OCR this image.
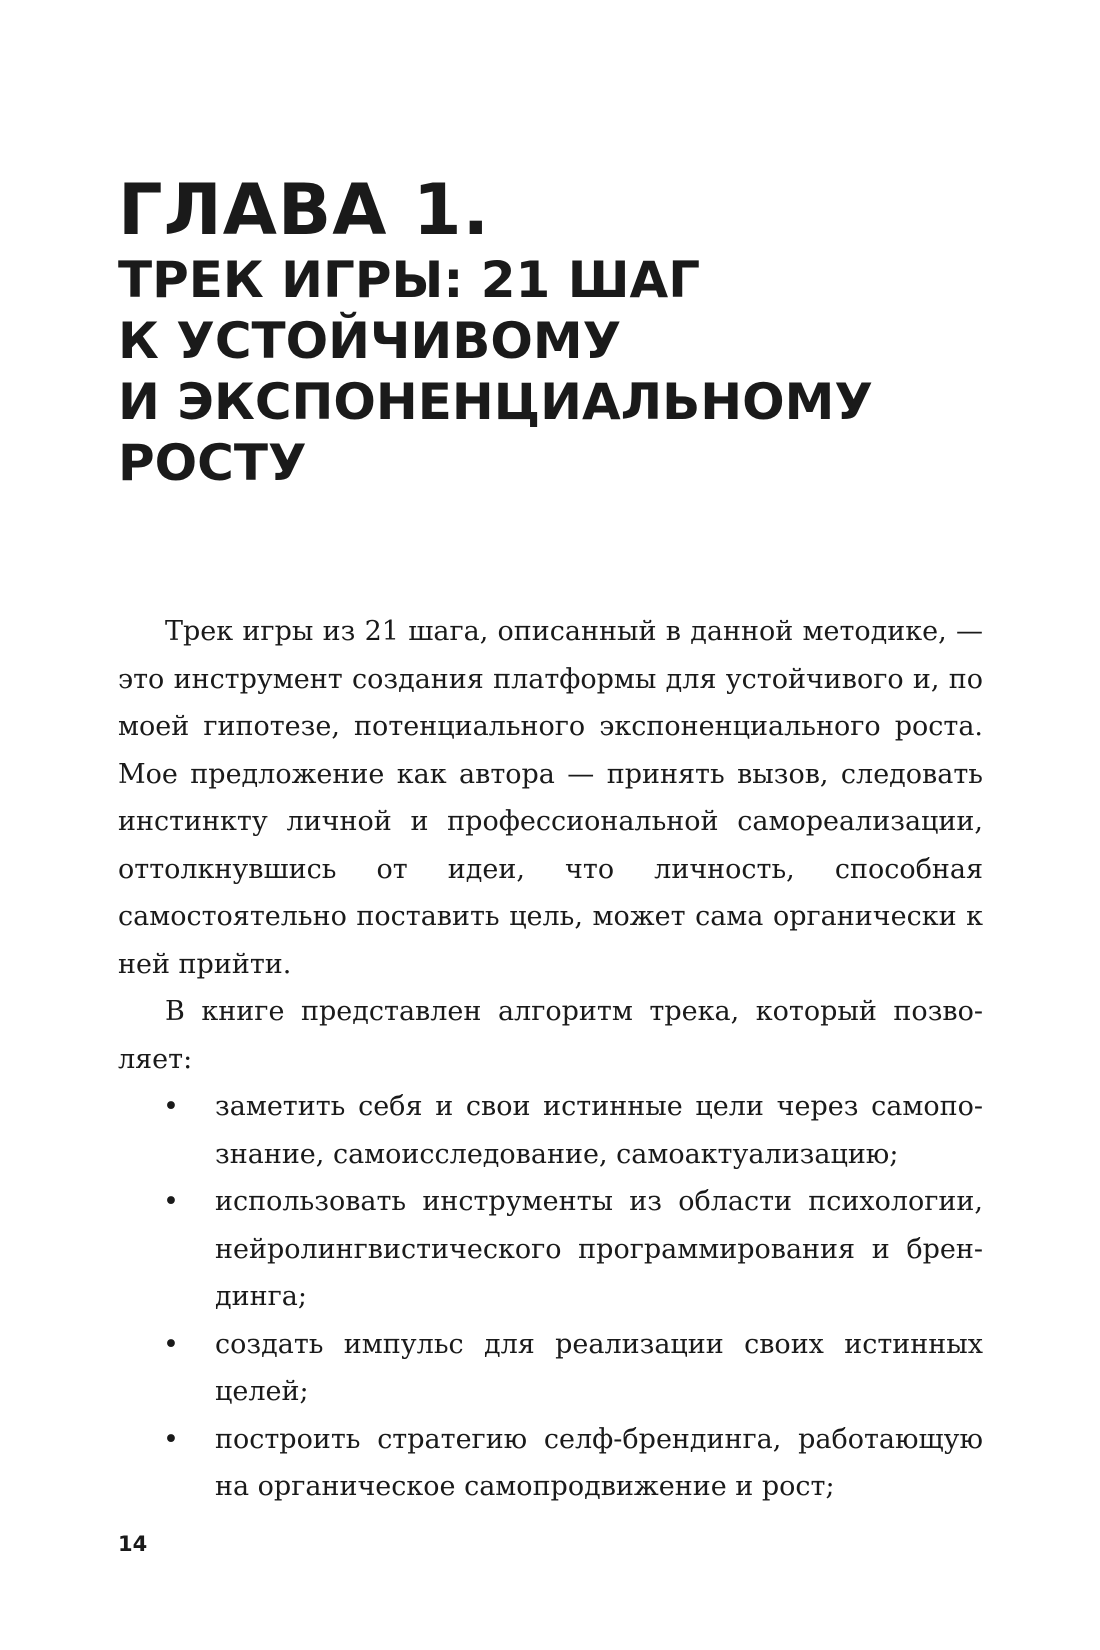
ГЛАВА 1.
ТРЕК ИГРЫ: 21 ШАГ
К УСТОЙЧИВОМУ
И ЭКСПОНЕНЦИАЛЬНОМУ
РОСТУ

Трек игры из 21 шага, описанный в данной методике, — это инструмент создания платформы для устойчивого и, по моей гипотезе, потенциального экспоненциального роста. Мое предложение как автора — принять вызов, следовать инстинкту личной и профессиональной самореализации, оттолкнувшись от идеи, что личность, способная самостоятельно поставить цель, может сама органически к ней прийти.

В книге представлен алгоритм трека, который позволяет:

• заметить себя и свои истинные цели через самопознание, самоисследование, самоактуализацию;
• использовать инструменты из области психологии, нейролингвистического программирования и брендинга;
• создать импульс для реализации своих истинных целей;
• построить стратегию селф-брендинга, работающую на органическое самопродвижение и рост;
14
